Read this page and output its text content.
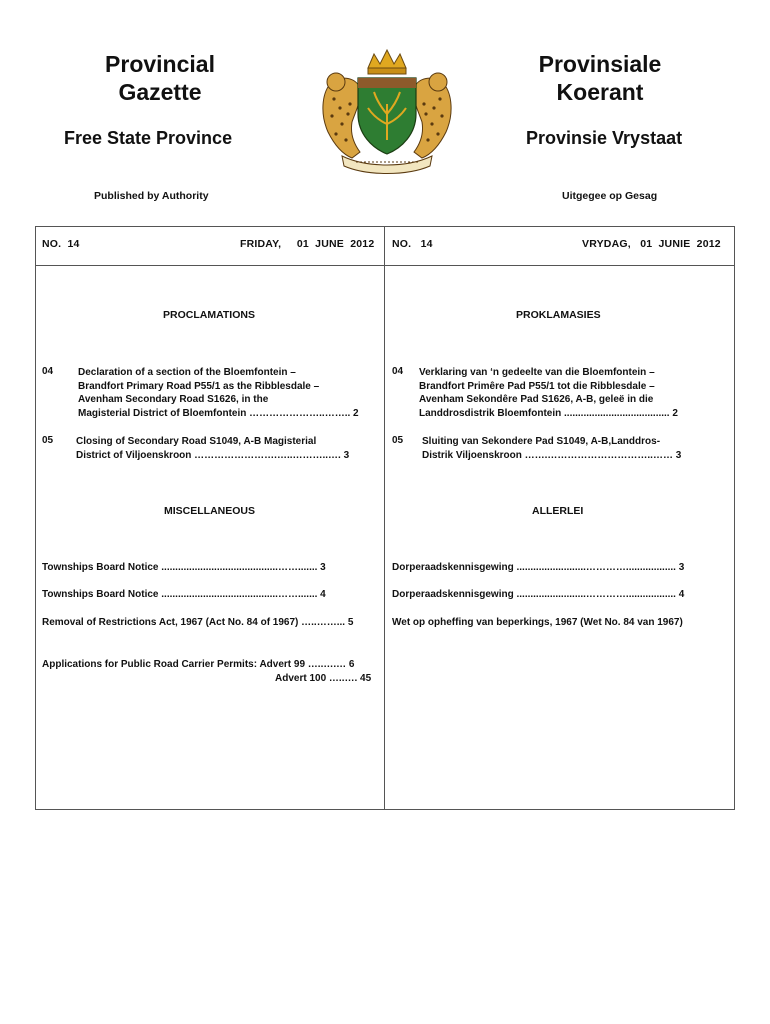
Provincial
Gazette
Provinsiale
Koerant
Free State Province	Provinsie Vrystaat
Published by Authority	Uitgegee op Gesag
NO.  14	FRIDAY,     01  JUNE  2012 NO.   14	VRYDAG,   01  JUNIE  2012
PROCLAMATIONS	PROKLAMASIES
04 Declaration of a section of the Bloemfontein –
Brandfort Primary Road P55/1 as the Ribblesdale –
Avenham Secondary Road S1626, in the
Magisterial District of Bloemfontein …………………..…….. 2
05 Closing of Secondary Road S1049, A-B Magisterial
District of Viljoenskroon …………………….…..………..…. 3
04 Verklaring van ‘n gedeelte van die Bloemfontein –
Brandfort Primêre Pad P55/1 tot die Ribblesdale –
Avenham Sekondêre Pad S1626, A-B, geleë in die
Landdrosdistrik Bloemfontein ...................................... 2
05 Sluiting van Sekondere Pad S1049, A-B,Landdros-
Distrik Viljoenskroon …….…………………………..…… 3
MISCELLANEOUS	ALLERLEI
Townships Board Notice ..........................................……....... 3
Townships Board Notice ..........................................……....... 4
Removal of Restrictions Act, 1967 (Act No. 84 of 1967) …..……... 5
Dorperaadskennisgewing .........................………….................. 3
Dorperaadskennisgewing .........................………….................. 4
Wet op opheffing van beperkings, 1967 (Wet No. 84 van 1967)
Applications for Public Road Carrier Permits: Advert 99 …..….… 6
Advert 100 …..…. 45
